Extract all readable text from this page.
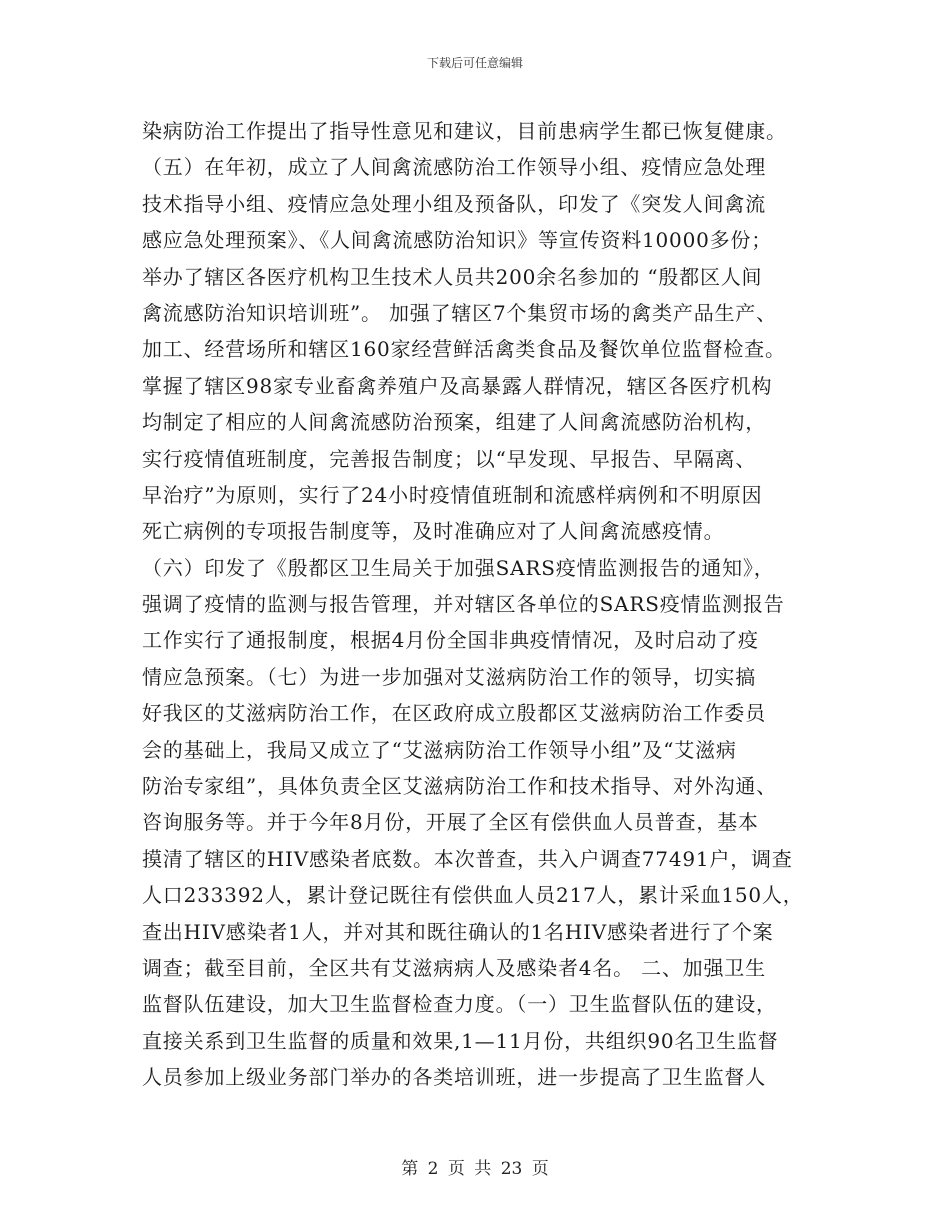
下载后可任意编辑
染病防治工作提出了指导性意见和建议，目前患病学生都已恢复健康。
（五）在年初，成立了人间禽流感防治工作领导小组、疫情应急处理
技术指导小组、疫情应急处理小组及预备队，印发了《突发人间禽流
感应急处理预案》、《人间禽流感防治知识》等宣传资料10000多份；
举办了辖区各医疗机构卫生技术人员共200余名参加的 “殷都区人间
禽流感防治知识培训班”。 加强了辖区7个集贸市场的禽类产品生产、
加工、经营场所和辖区160家经营鲜活禽类食品及餐饮单位监督检查。
掌握了辖区98家专业畜禽养殖户及高暴露人群情况，辖区各医疗机构
均制定了相应的人间禽流感防治预案，组建了人间禽流感防治机构，
实行疫情值班制度，完善报告制度；以“早发现、早报告、早隔离、
早治疗”为原则，实行了24小时疫情值班制和流感样病例和不明原因
死亡病例的专项报告制度等，及时准确应对了人间禽流感疫情。
（六）印发了《殷都区卫生局关于加强SARS疫情监测报告的通知》，
强调了疫情的监测与报告管理，并对辖区各单位的SARS疫情监测报告
工作实行了通报制度，根据4月份全国非典疫情情况，及时启动了疫
情应急预案。（七）为进一步加强对艾滋病防治工作的领导，切实搞
好我区的艾滋病防治工作，在区政府成立殷都区艾滋病防治工作委员
会的基础上，我局又成立了“艾滋病防治工作领导小组”及“艾滋病
防治专家组”，具体负责全区艾滋病防治工作和技术指导、对外沟通、
咨询服务等。并于今年8月份，开展了全区有偿供血人员普查，基本
摸清了辖区的HIV感染者底数。本次普查，共入户调查77491户，调查
人口233392人，累计登记既往有偿供血人员217人，累计采血150人，
查出HIV感染者1人，并对其和既往确认的1名HIV感染者进行了个案
调查；截至目前，全区共有艾滋病病人及感染者4名。 二、加强卫生
监督队伍建设，加大卫生监督检查力度。（一）卫生监督队伍的建设，
直接关系到卫生监督的质量和效果,1—11月份，共组织90名卫生监督
人员参加上级业务部门举办的各类培训班，进一步提高了卫生监督人
第 2 页 共 23 页
